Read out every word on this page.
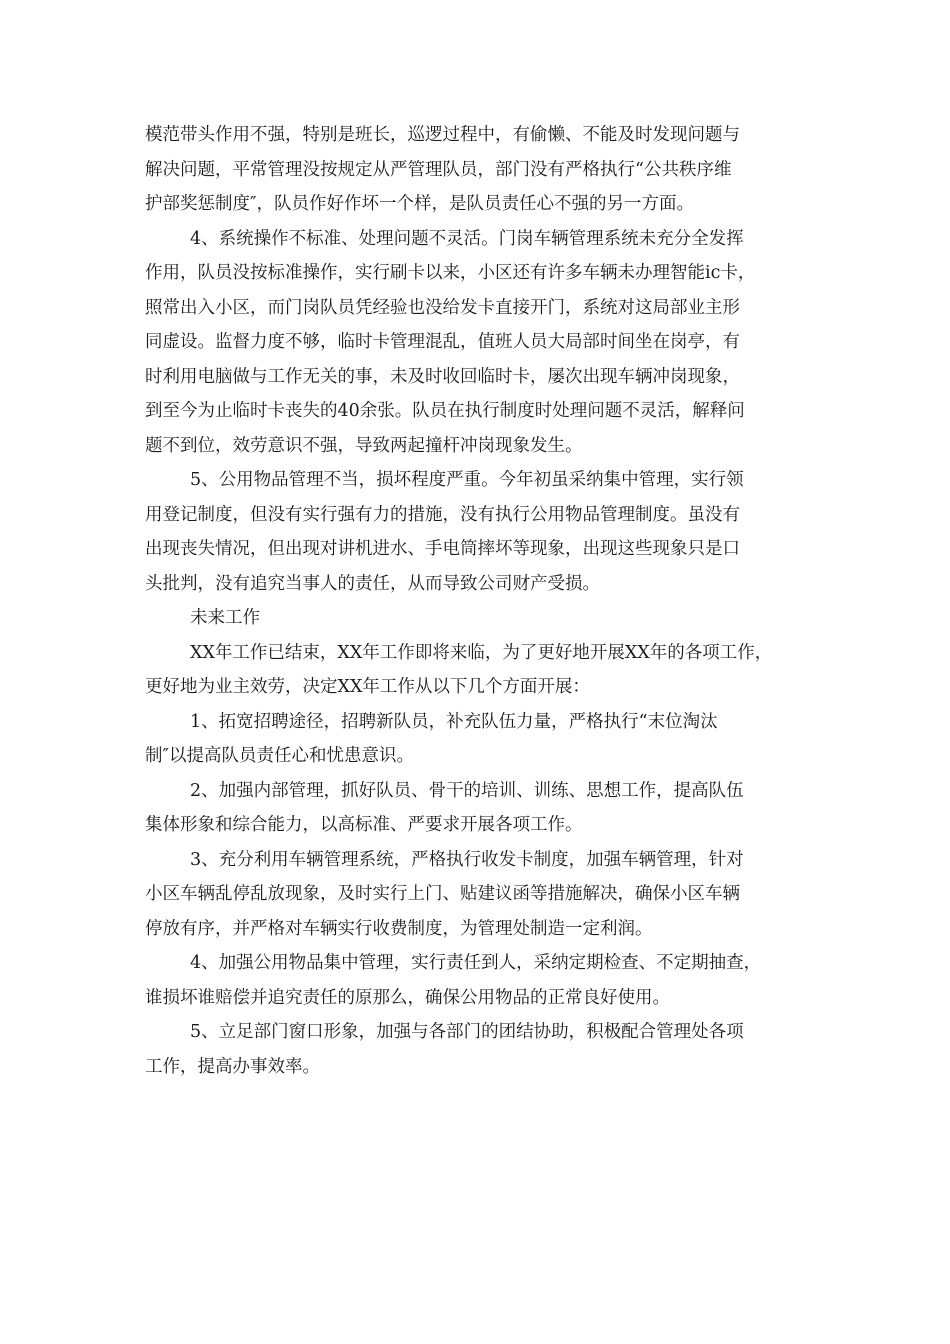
模范带头作用不强，特别是班长，巡逻过程中，有偷懒、不能及时发现问题与
解决问题，平常管理没按规定从严管理队员，部门没有严格执行“公共秩序维
护部奖惩制度″，队员作好作坏一个样，是队员责任心不强的另一方面。
4、系统操作不标准、处理问题不灵活。门岗车辆管理系统未充分全发挥
作用，队员没按标准操作，实行刷卡以来，小区还有许多车辆未办理智能ic卡，
照常出入小区，而门岗队员凭经验也没给发卡直接开门，系统对这局部业主形
同虚设。监督力度不够，临时卡管理混乱，值班人员大局部时间坐在岗亭，有
时利用电脑做与工作无关的事，未及时收回临时卡，屡次出现车辆冲岗现象，
到至今为止临时卡丧失的40余张。队员在执行制度时处理问题不灵活，解释问
题不到位，效劳意识不强，导致两起撞杆冲岗现象发生。
5、公用物品管理不当，损坏程度严重。今年初虽采纳集中管理，实行领
用登记制度，但没有实行强有力的措施，没有执行公用物品管理制度。虽没有
出现丧失情况，但出现对讲机进水、手电筒摔坏等现象，出现这些现象只是口
头批判，没有追究当事人的责任，从而导致公司财产受损。
未来工作
XX年工作已结束，XX年工作即将来临，为了更好地开展XX年的各项工作，
更好地为业主效劳，决定XX年工作从以下几个方面开展：
1、拓宽招聘途径，招聘新队员，补充队伍力量，严格执行“末位淘汰
制″以提高队员责任心和忧患意识。
2、加强内部管理，抓好队员、骨干的培训、训练、思想工作，提高队伍
集体形象和综合能力，以高标准、严要求开展各项工作。
3、充分利用车辆管理系统，严格执行收发卡制度，加强车辆管理，针对
小区车辆乱停乱放现象，及时实行上门、贴建议函等措施解决，确保小区车辆
停放有序，并严格对车辆实行收费制度，为管理处制造一定利润。
4、加强公用物品集中管理，实行责任到人，采纳定期检查、不定期抽查，
谁损坏谁赔偿并追究责任的原那么，确保公用物品的正常良好使用。
5、立足部门窗口形象，加强与各部门的团结协助，积极配合管理处各项
工作，提高办事效率。
